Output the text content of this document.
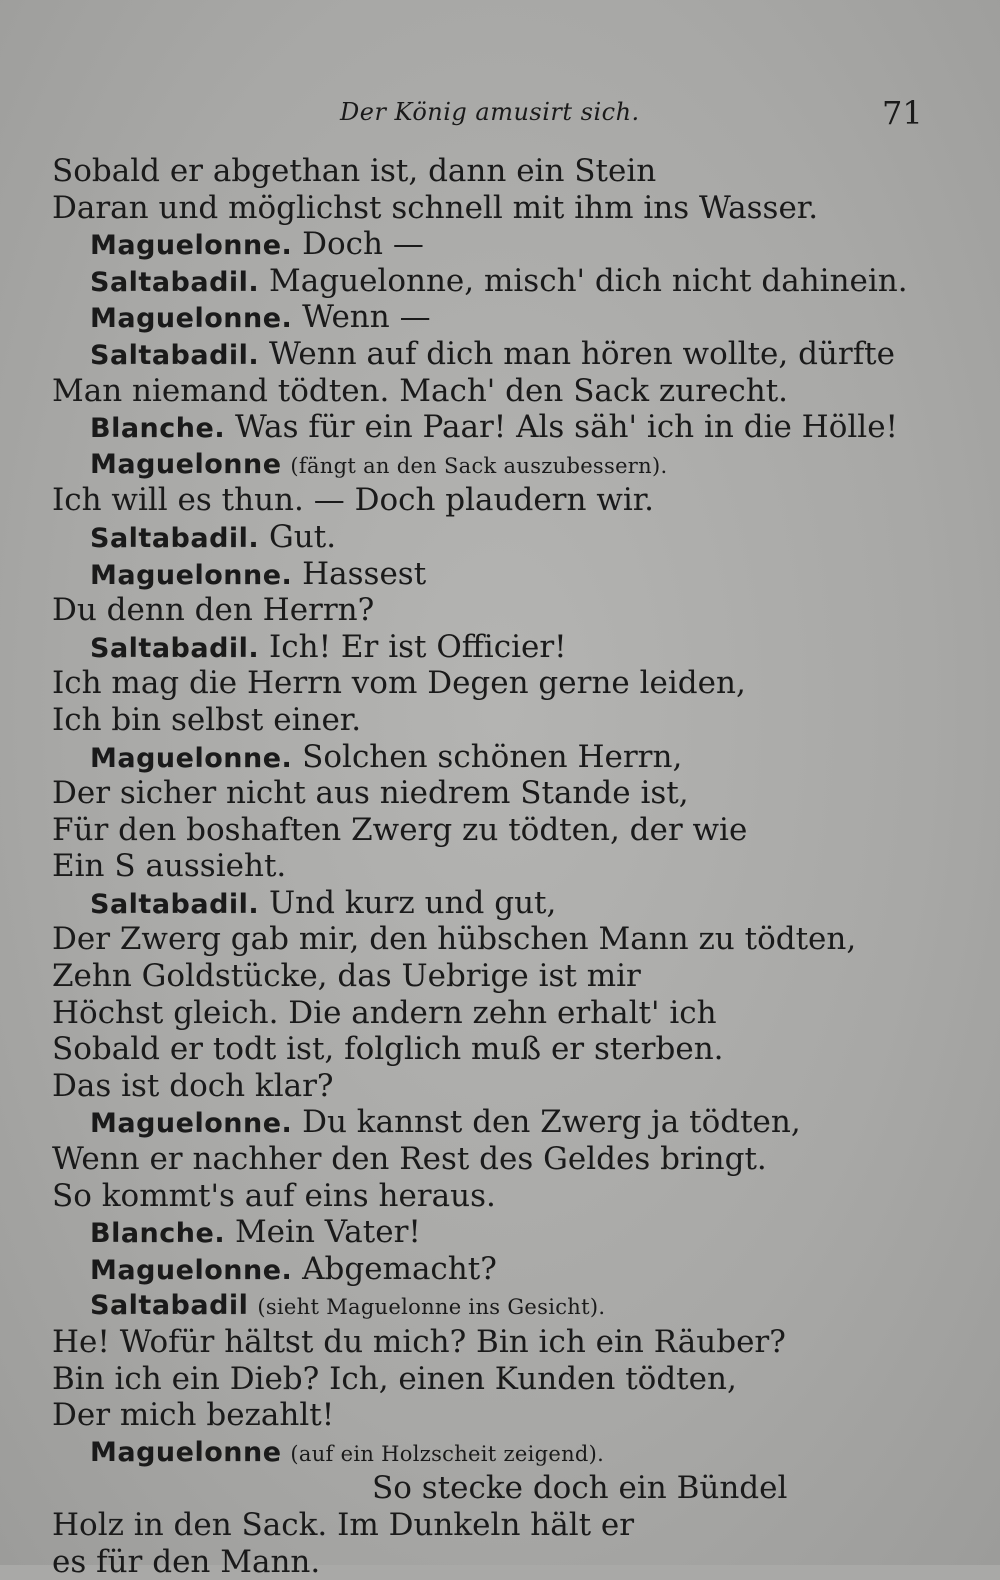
Der König amusirt sich.	71
Sobald er abgethan ist, dann ein Stein
Daran und möglichst schnell mit ihm ins Wasser.
Maguelonne. Doch —
Saltabadil. Maguelonne, misch' dich nicht dahinein.
Maguelonne. Wenn —
Saltabadil. Wenn auf dich man hören wollte, dürfte
Man niemand tödten. Mach' den Sack zurecht.
Blanche. Was für ein Paar! Als säh' ich in die Hölle!
Maguelonne (fängt an den Sack auszubessern).
Ich will es thun. — Doch plaudern wir.
Saltabadil. Gut.
Maguelonne. Hassest
Du denn den Herrn?
Saltabadil. Ich! Er ist Officier!
Ich mag die Herrn vom Degen gerne leiden,
Ich bin selbst einer.
Maguelonne. Solchen schönen Herrn,
Der sicher nicht aus niedrem Stande ist,
Für den boshaften Zwerg zu tödten, der wie
Ein S aussieht.
Saltabadil. Und kurz und gut,
Der Zwerg gab mir, den hübschen Mann zu tödten,
Zehn Goldstücke, das Uebrige ist mir
Höchst gleich. Die andern zehn erhalt' ich
Sobald er todt ist, folglich muß er sterben.
Das ist doch klar?
Maguelonne. Du kannst den Zwerg ja tödten,
Wenn er nachher den Rest des Geldes bringt.
So kommt's auf eins heraus.
Blanche. Mein Vater!
Maguelonne. Abgemacht?
Saltabadil (sieht Maguelonne ins Gesicht).
He! Wofür hältst du mich? Bin ich ein Räuber?
Bin ich ein Dieb? Ich, einen Kunden tödten,
Der mich bezahlt!
Maguelonne (auf ein Holzscheit zeigend).
So stecke doch ein Bündel
Holz in den Sack. Im Dunkeln hält er
es für den Mann.
